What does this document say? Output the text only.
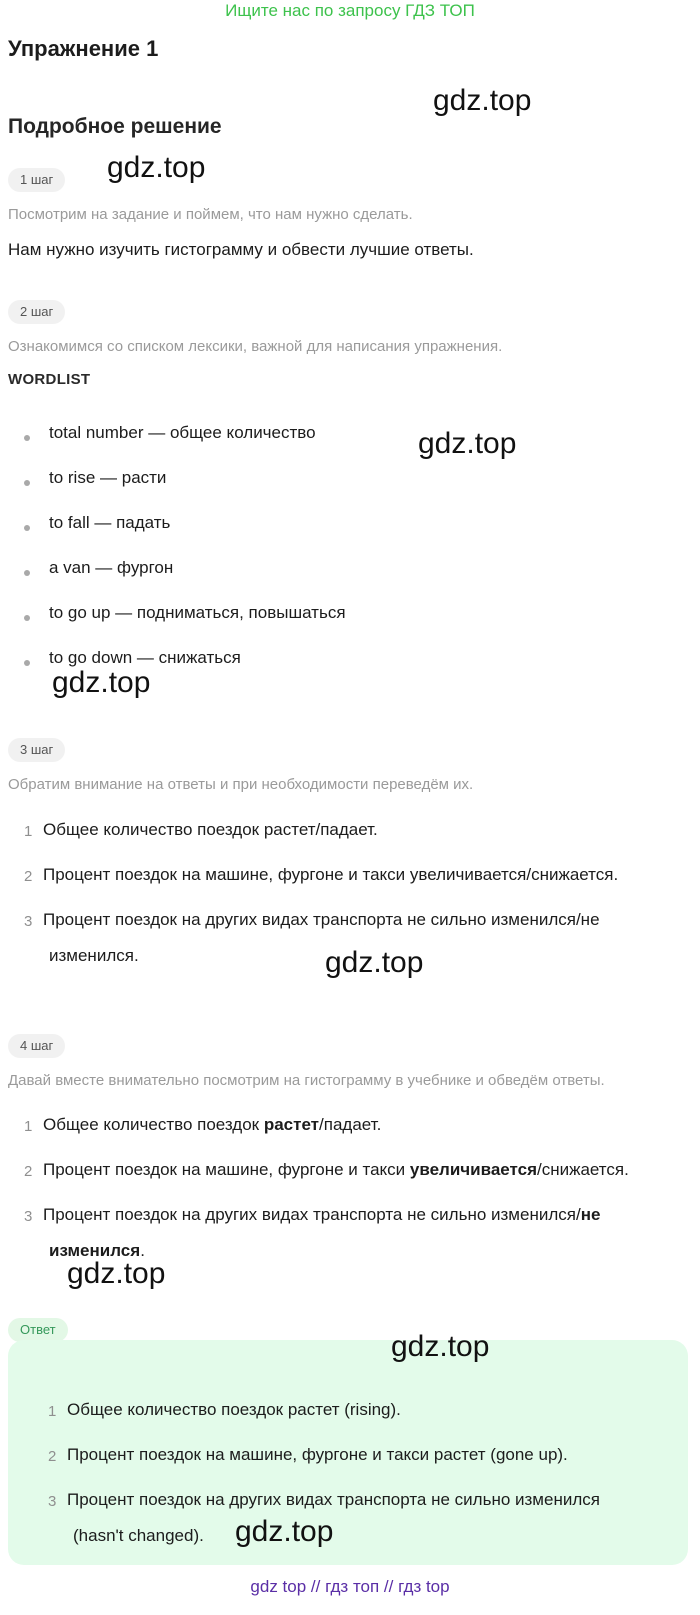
Ищите нас по запросу ГДЗ ТОП
Упражнение 1
Подробное решение
gdz.top
gdz.top
gdz.top
gdz.top
gdz.top
gdz.top
1 шаг
Посмотрим на задание и поймем, что нам нужно сделать.
Нам нужно изучить гистограмму и обвести лучшие ответы.
2 шаг
Ознакомимся со списком лексики, важной для написания упражнения.
WORDLIST
total number — общее количество
to rise — расти
to fall — падать
a van — фургон
to go up — подниматься, повышаться
to go down — снижаться
3 шаг
Обратим внимание на ответы и при необходимости переведём их.
1 Общее количество поездок растет/падает.
2 Процент поездок на машине, фургоне и такси увеличивается/снижается.
3 Процент поездок на других видах транспорта не сильно изменился/не
изменился.
4 шаг
Давай вместе внимательно посмотрим на гистограмму в учебнике и обведём ответы.
1 Общее количество поездок растет/падает.
2 Процент поездок на машине, фургоне и такси увеличивается/снижается.
3 Процент поездок на других видах транспорта не сильно изменился/не
изменился.
Ответ
gdz.top
1 Общее количество поездок растет (rising).
2 Процент поездок на машине, фургоне и такси растет (gone up).
3 Процент поездок на других видах транспорта не сильно изменился
(hasn't changed). gdz.top
gdz top // гдз топ // гдз top
